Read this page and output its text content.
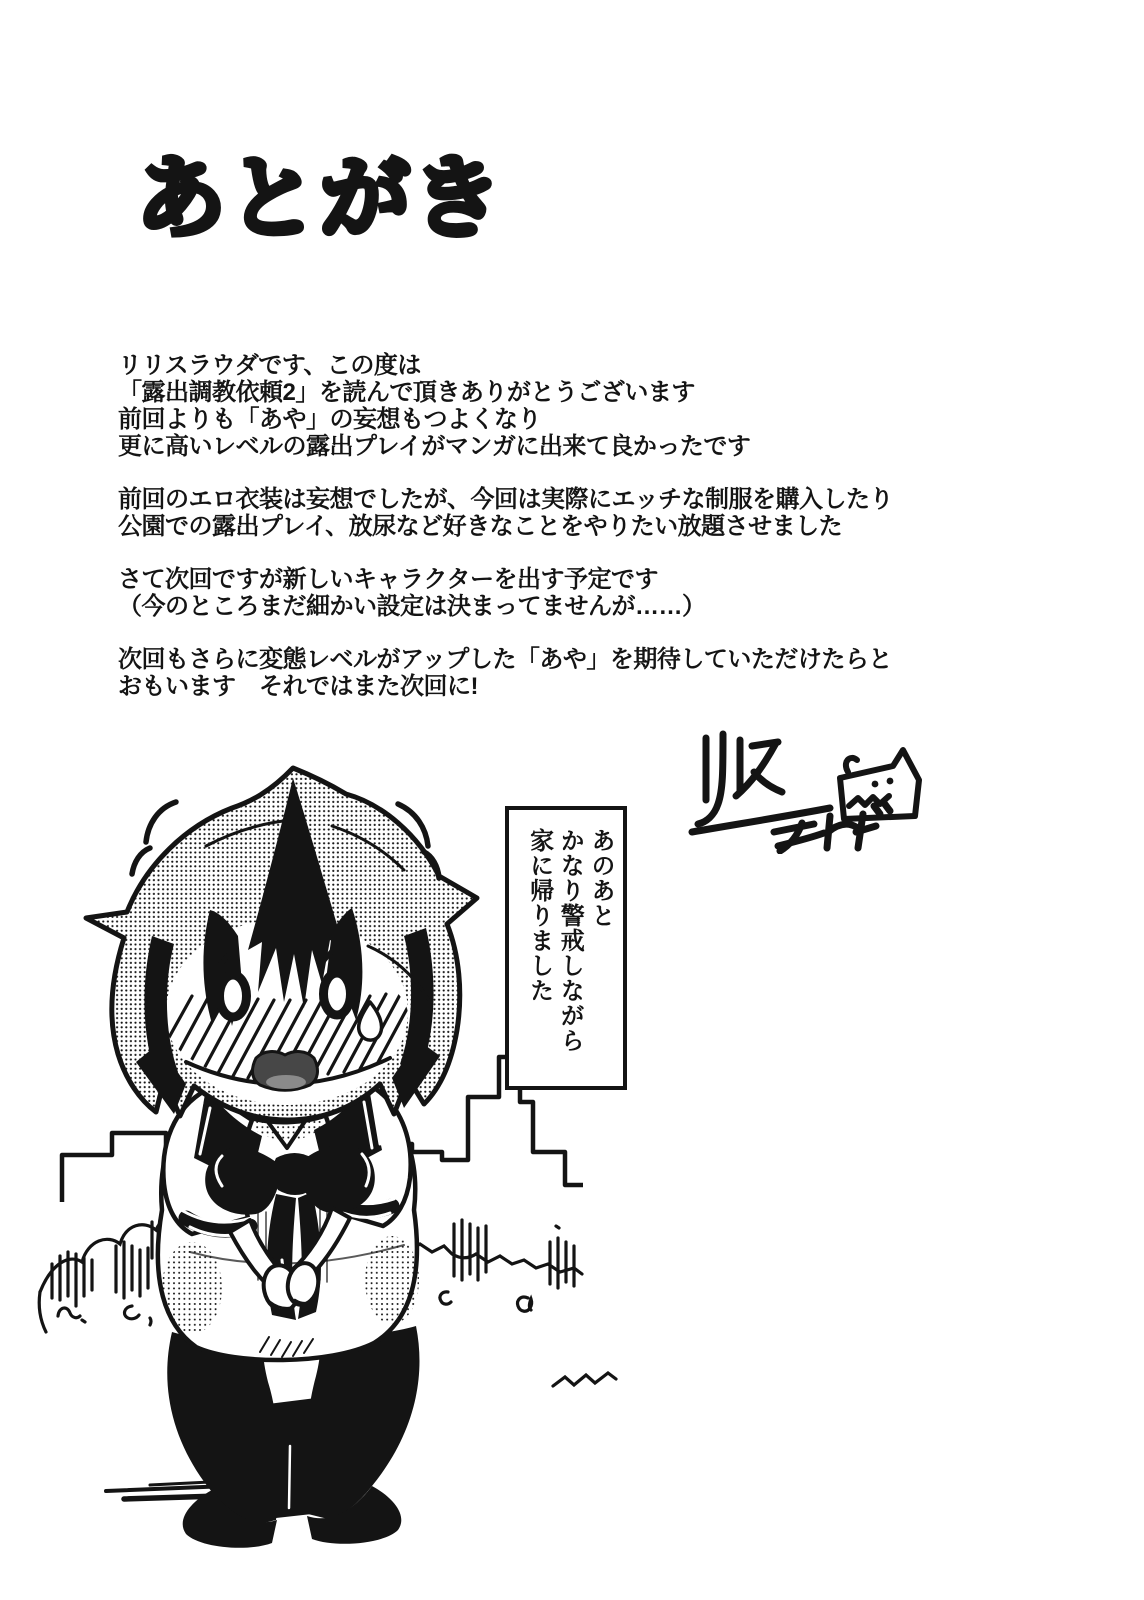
あとがき

リリスラウダです、この度は
「露出調教依頼2」を読んで頂きありがとうございます
前回よりも「あや」の妄想もつよくなり
更に高いレベルの露出プレイがマンガに出来て良かったです

前回のエロ衣装は妄想でしたが、今回は実際にエッチな制服を購入したり
公園での露出プレイ、放尿など好きなことをやりたい放題させました

さて次回ですが新しいキャラクターを出す予定です
（今のところまだ細かい設定は決まってませんが……）

次回もさらに変態レベルがアップした「あや」を期待していただけたらと
おもいます　それではまた次回に!

あのあと
かなり警戒しながら
家に帰りました
